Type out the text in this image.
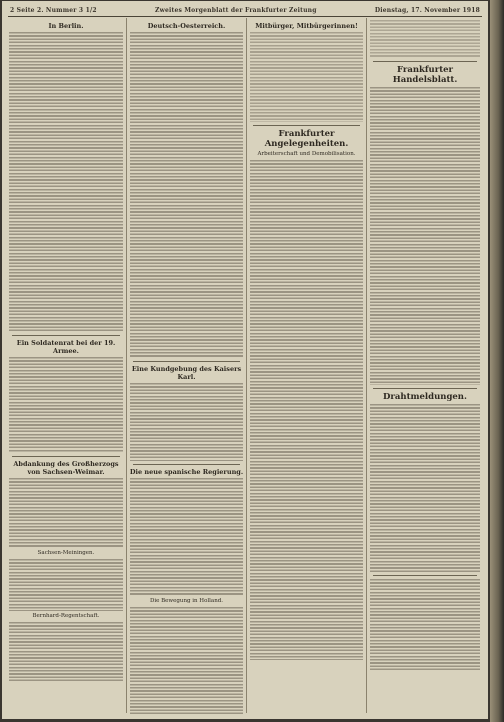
2 Seite 2. Nummer 3 1/2	Zweites Morgenblatt der Frankfurter Zeitung	Dienstag, 17. November 1918
In Berlin.
Ein Soldatenrat bei der 19. Armee.
Abdankung des Großherzogs von Sachsen-Weimar.
Sachsen-Meiningen.
Bernhard-Regentschaft.
Deutsch-Oesterreich.
Eine Kundgebung des Kaisers Karl.
Die neue spanische Regierung.
Die Bewegung in Holland.
Mitbürger, Mitbürgerinnen!
Frankfurter Angelegenheiten.
Arbeiterschaft und Demobilisation.
Frankfurter Handelsblatt.
Drahtmeldungen.
